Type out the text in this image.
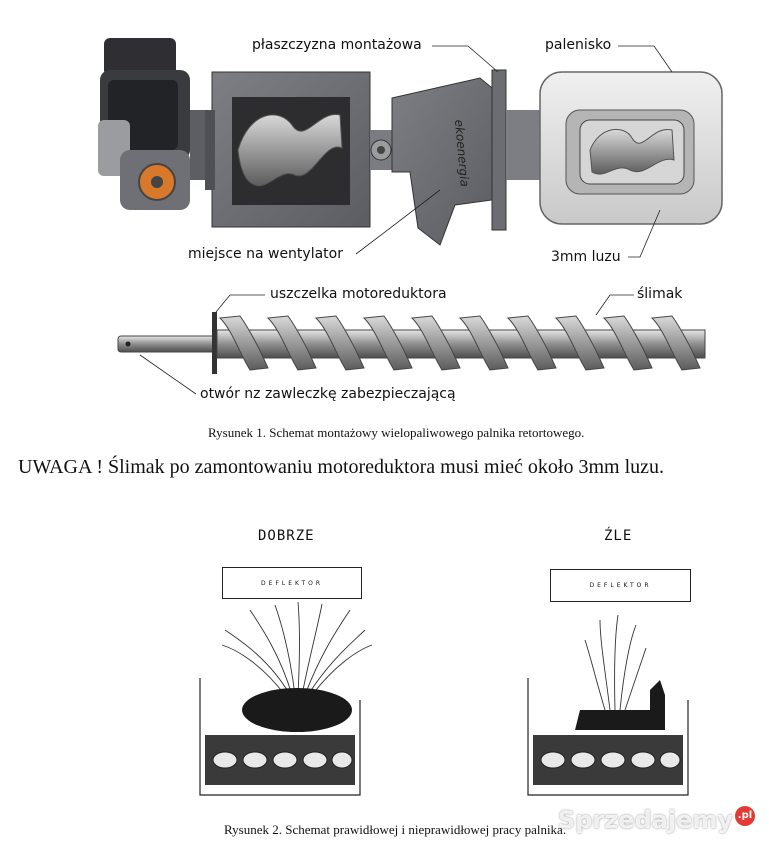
ekoenergia
płaszczyzna montażowa	palenisko
miejsce na wentylator	3mm luzu
uszczelka motoreduktora	ślimak
otwór nz zawleczkę zabezpieczającą
Rysunek 1. Schemat montażowy wielopaliwowego palnika retortowego.
UWAGA ! Ślimak po zamontowaniu motoreduktora musi mieć około 3mm luzu.
DOBRZE	ŹLE
DEFLEKTOR	DEFLEKTOR
Rysunek 2. Schemat prawidłowej i nieprawidłowej pracy palnika.
Sprzedajemy .pl
